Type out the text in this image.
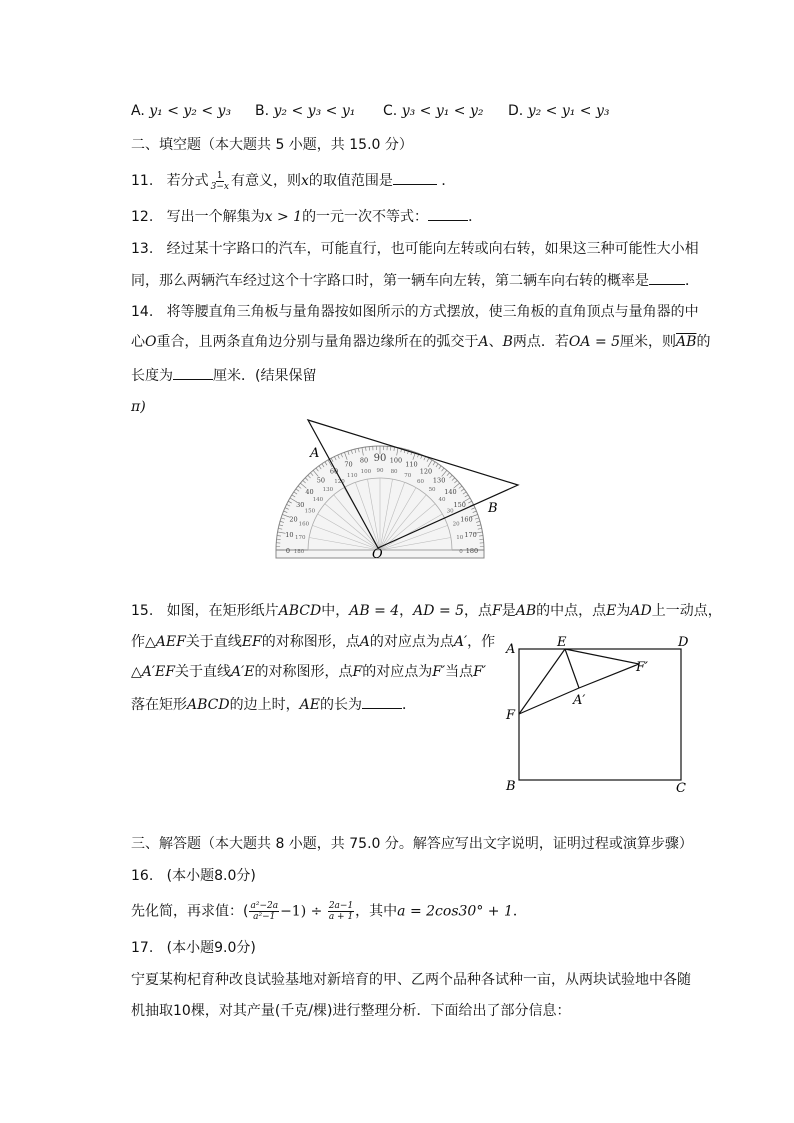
A. y₁ < y₂ < y₃ B. y₂ < y₃ < y₁ C. y₃ < y₁ < y₂ D. y₂ < y₁ < y₃
二、填空题（本大题共 5 小题，共 15.0 分）
11. 若分式 $\frac{1}{3-x}$ 有意义，则x的取值范围是	．
12. 写出一个解集为x > 1的一元一次不等式：	．
13. 经过某十字路口的汽车，可能直行，也可能向左转或向右转，如果这三种可能性大小相
同，那么两辆汽车经过这个十字路口时，第一辆车向左转，第二辆车向右转的概率是	．
14. 将等腰直角三角板与量角器按如图所示的方式摆放，使三角板的直角顶点与量角器的中
心O重合，且两条直角边分别与量角器边缘所在的弧交于A、B两点．若OA = 5厘米，则$\overline{AB}$的
长度为	厘米．(结果保留
π)
0
10
20
30
40
50
60
70
80 90 100
110
120
130
140
150
160
170
180
180
170
160
150
140
130
120
110
100 90 80
70
60
50
40
30
20
10
0
A
B
O
15. 如图，在矩形纸片ABCD中，AB = 4，AD = 5，点F是AB的中点，点E为AD上一动点，
作△AEF关于直线EF的对称图形，点A的对应点为点A′，作
△A′EF关于直线A′E的对称图形，点F的对应点为F′当点F′
落在矩形ABCD的边上时，AE的长为	．
A	E	D
F
F′
A′
B	C
三、解答题（本大题共 8 小题，共 75.0 分。解答应写出文字说明，证明过程或演算步骤）
16. (本小题8.0分)
先化简，再求值：( $\frac{\text{a²−2a}}{\text{a²−1}} -1) \div \frac{2a-1}{a + 1}$ ，其中a = 2cos30° + 1．
17. (本小题9.0分)
宁夏某枸杞育种改良试验基地对新培育的甲、乙两个品种各试种一亩，从两块试验地中各随
机抽取10棵，对其产量(千克/棵)进行整理分析．下面给出了部分信息：
